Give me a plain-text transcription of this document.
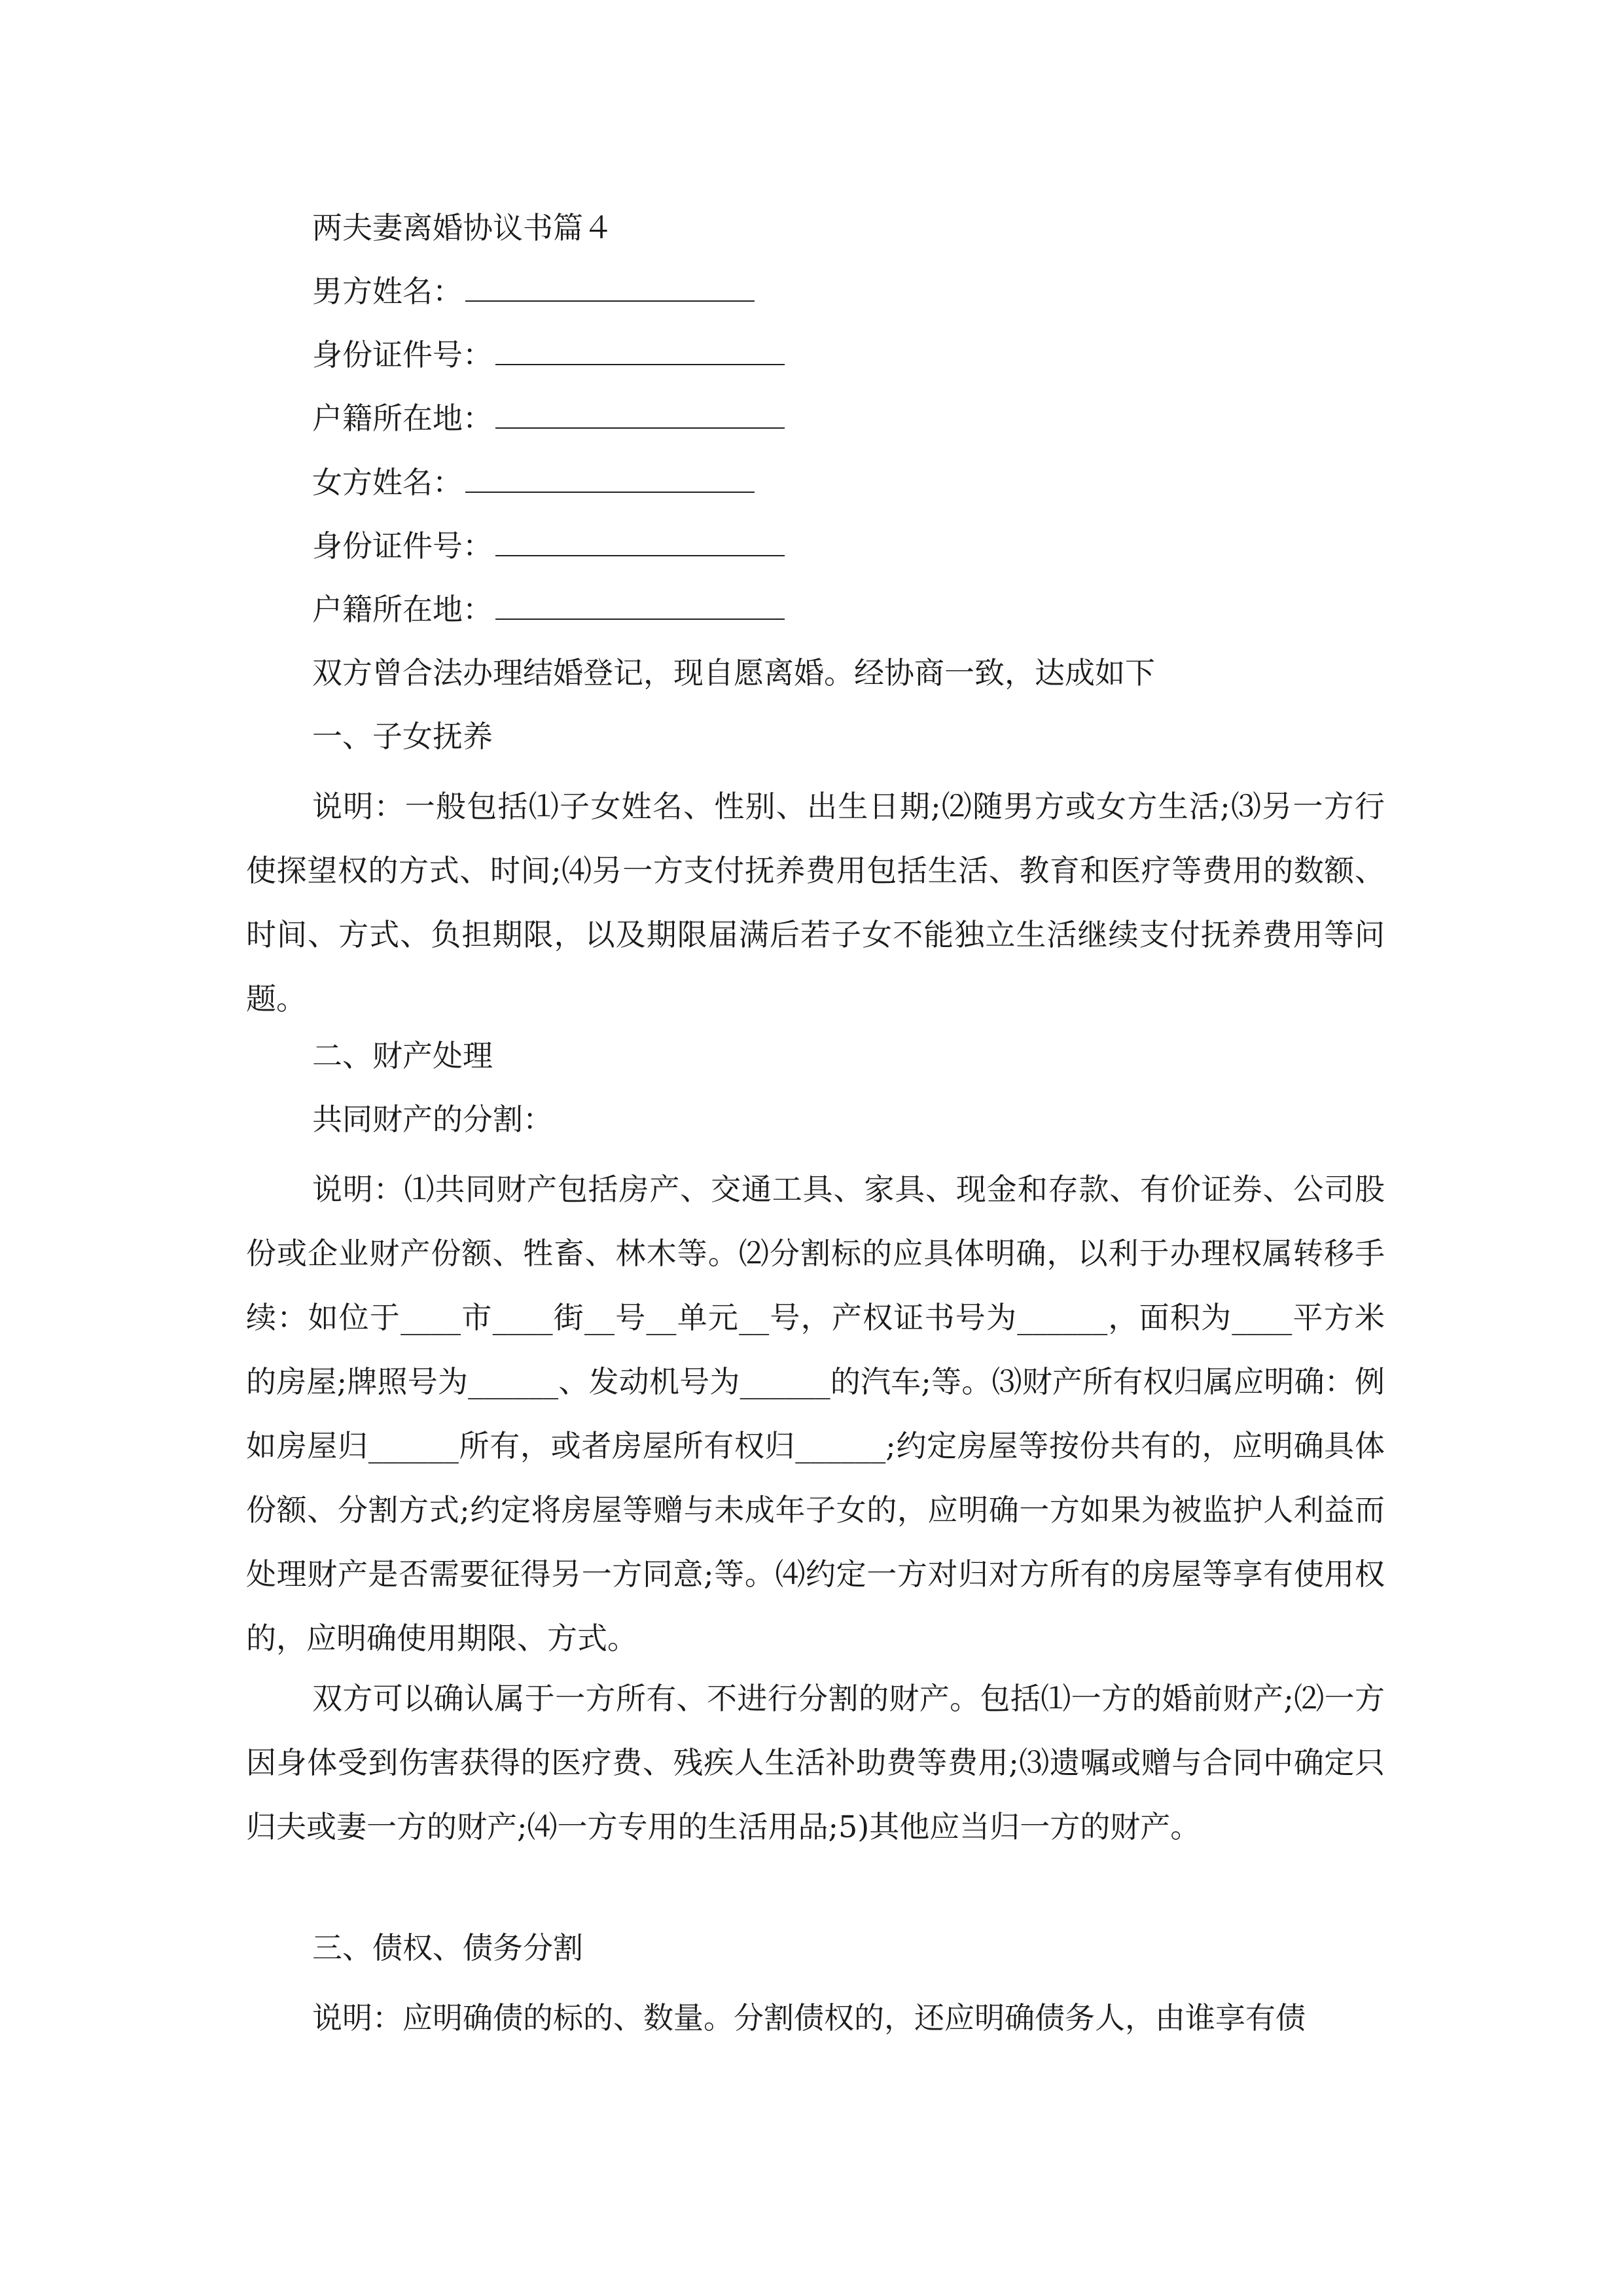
两夫妻离婚协议书篇４
男方姓名：
身份证件号：
户籍所在地：
女方姓名：
身份证件号：
户籍所在地：
双方曾合法办理结婚登记，现自愿离婚。经协商一致，达成如下
一、子女抚养
说明：一般包括⑴子女姓名、性别、出生日期;⑵随男方或女方生活;⑶另一方行使探望权的方式、时间;⑷另一方支付抚养费用包括生活、教育和医疗等费用的数额、时间、方式、负担期限，以及期限届满后若子女不能独立生活继续支付抚养费用等问题。
二、财产处理
共同财产的分割：
说明：⑴共同财产包括房产、交通工具、家具、现金和存款、有价证券、公司股份或企业财产份额、牲畜、林木等。⑵分割标的应具体明确，以利于办理权属转移手续：如位于____市____街__号__单元__号，产权证书号为______，面积为____平方米的房屋;牌照号为______、发动机号为______的汽车;等。⑶财产所有权归属应明确：例如房屋归______所有，或者房屋所有权归______;约定房屋等按份共有的，应明确具体份额、分割方式;约定将房屋等赠与未成年子女的，应明确一方如果为被监护人利益而处理财产是否需要征得另一方同意;等。⑷约定一方对归对方所有的房屋等享有使用权的，应明确使用期限、方式。
双方可以确认属于一方所有、不进行分割的财产。包括⑴一方的婚前财产;⑵一方因身体受到伤害获得的医疗费、残疾人生活补助费等费用;⑶遗嘱或赠与合同中确定只归夫或妻一方的财产;⑷一方专用的生活用品;5)其他应当归一方的财产。
三、债权、债务分割
说明：应明确债的标的、数量。分割债权的，还应明确债务人，由谁享有债
